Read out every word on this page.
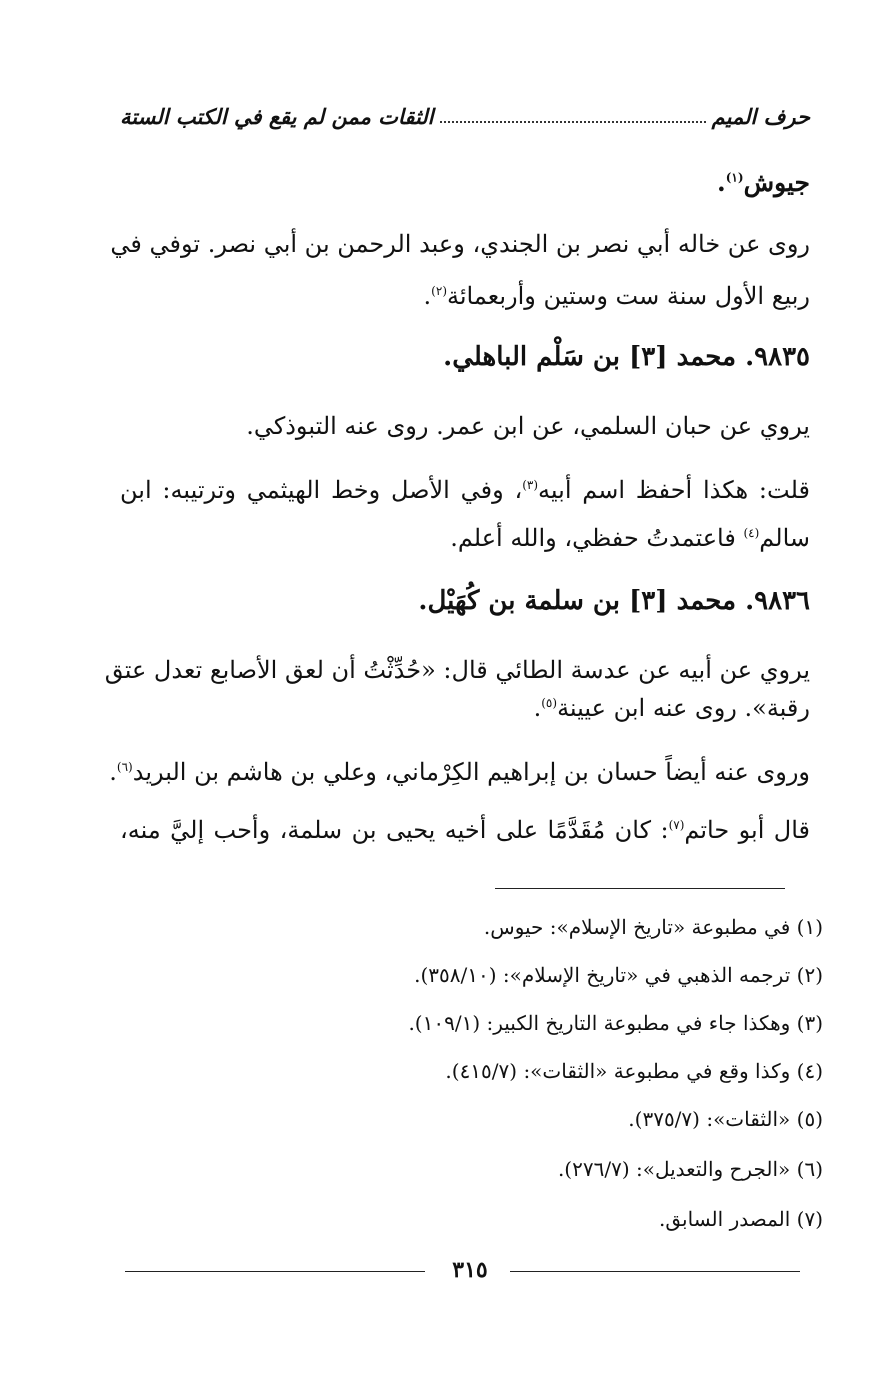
حرف الميم
الثقات ممن لم يقع في الكتب الستة
جيوش$^{(١)}$.
روى عن خاله أبي نصر بن الجندي، وعبد الرحمن بن أبي نصر. توفي في
ربيع الأول سنة ست وستين وأربعمائة$^{(٢)}$.
٩٨٣٥. محمد [٣] بن سَلْم الباهلي.
يروي عن حبان السلمي، عن ابن عمر. روى عنه التبوذكي.
قلت: هكذا أحفظ اسم أبيه$^{(٣)}$، وفي الأصل وخط الهيثمي وترتيبه: ابن
سالم$^{(٤)}$ فاعتمدتُ حفظي، والله أعلم.
٩٨٣٦. محمد [٣] بن سلمة بن كُهَيْل.
يروي عن أبيه عن عدسة الطائي قال: «حُدِّثْتُ أن لعق الأصابع تعدل عتق
رقبة». روى عنه ابن عيينة$^{(٥)}$.
وروى عنه أيضاً حسان بن إبراهيم الكِرْماني، وعلي بن هاشم بن البريد$^{(٦)}$.
قال أبو حاتم$^{(٧)}$: كان مُقَدَّمًا على أخيه يحيى بن سلمة، وأحب إليَّ منه،
(١) في مطبوعة «تاريخ الإسلام»: حيوس.
(٢) ترجمه الذهبي في «تاريخ الإسلام»: (٣٥٨/١٠).
(٣) وهكذا جاء في مطبوعة التاريخ الكبير: (١٠٩/١).
(٤) وكذا وقع في مطبوعة «الثقات»: (٤١٥/٧).
(٥) «الثقات»: (٣٧٥/٧).
(٦) «الجرح والتعديل»: (٢٧٦/٧).
(٧) المصدر السابق.
٣١٥
